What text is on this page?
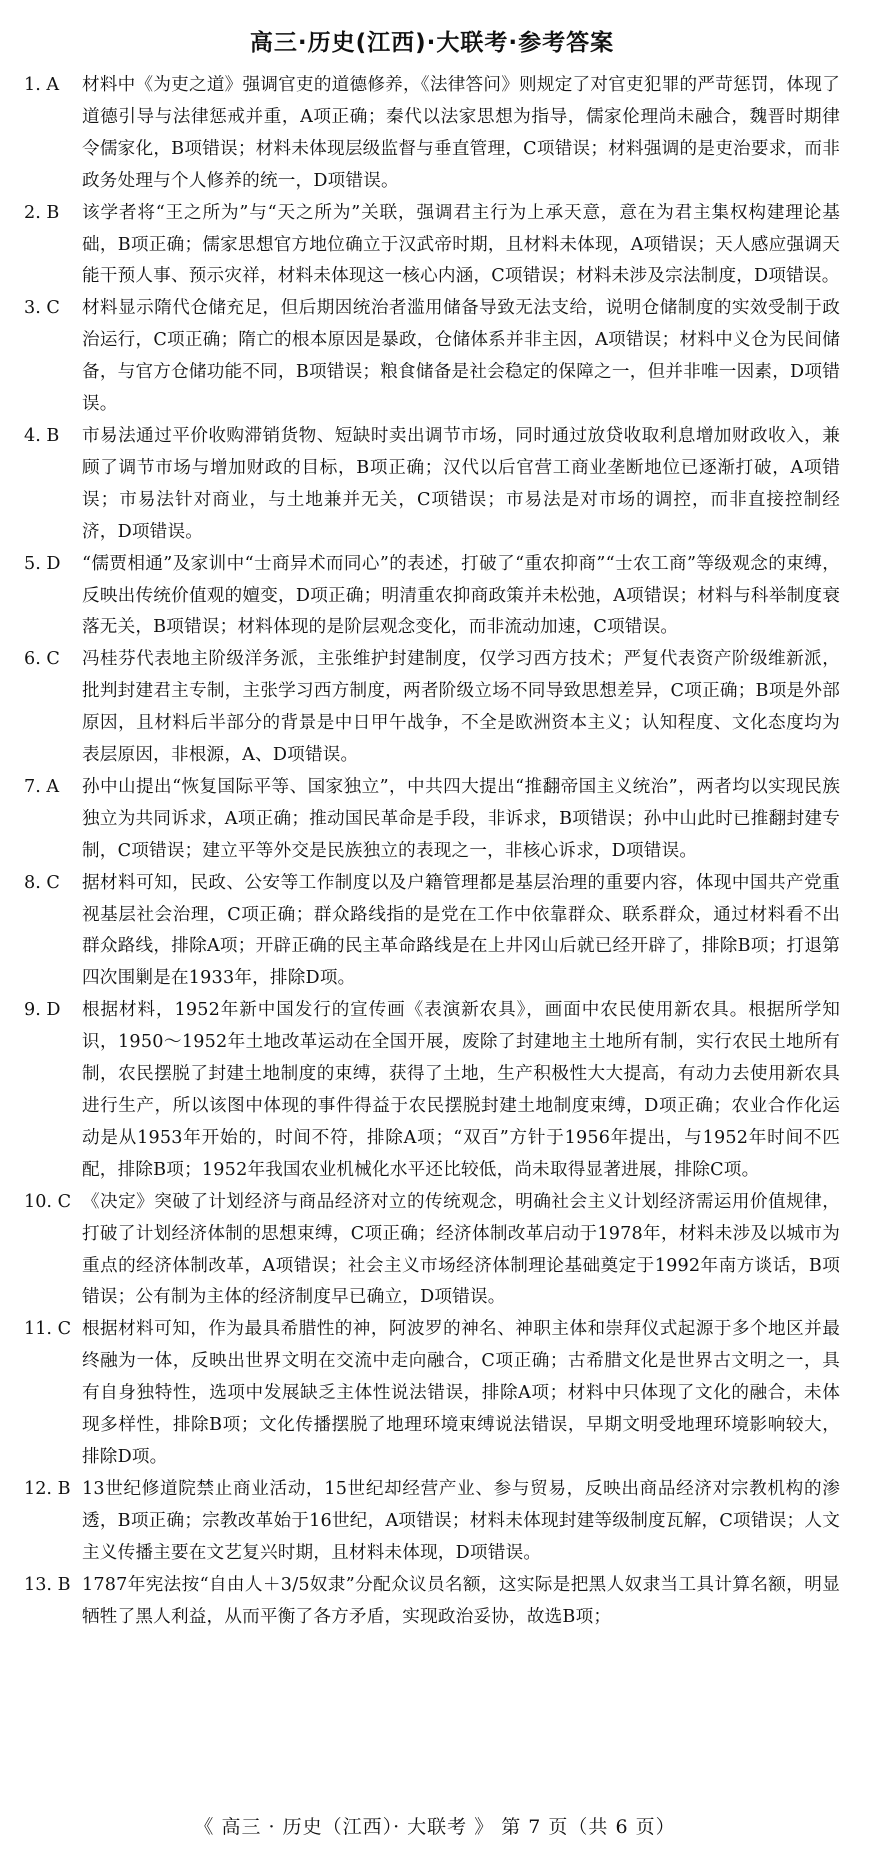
高三·历史(江西)·大联考·参考答案
1. A	材料中《为吏之道》强调官吏的道德修养，《法律答问》则规定了对官吏犯罪的严苛惩罚，体现了道德引导与法律惩戒并重，A项正确；秦代以法家思想为指导，儒家伦理尚未融合，魏晋时期律令儒家化，B项错误；材料未体现层级监督与垂直管理，C项错误；材料强调的是吏治要求，而非政务处理与个人修养的统一，D项错误。
2. B	该学者将“王之所为”与“天之所为”关联，强调君主行为上承天意，意在为君主集权构建理论基础，B项正确；儒家思想官方地位确立于汉武帝时期，且材料未体现，A项错误；天人感应强调天能干预人事、预示灾祥，材料未体现这一核心内涵，C项错误；材料未涉及宗法制度，D项错误。
3. C	材料显示隋代仓储充足，但后期因统治者滥用储备导致无法支给，说明仓储制度的实效受制于政治运行，C项正确；隋亡的根本原因是暴政，仓储体系并非主因，A项错误；材料中义仓为民间储备，与官方仓储功能不同，B项错误；粮食储备是社会稳定的保障之一，但并非唯一因素，D项错误。
4. B	市易法通过平价收购滞销货物、短缺时卖出调节市场，同时通过放贷收取利息增加财政收入，兼顾了调节市场与增加财政的目标，B项正确；汉代以后官营工商业垄断地位已逐渐打破，A项错误；市易法针对商业，与土地兼并无关，C项错误；市易法是对市场的调控，而非直接控制经济，D项错误。
5. D	“儒贾相通”及家训中“士商异术而同心”的表述，打破了“重农抑商”“士农工商”等级观念的束缚，反映出传统价值观的嬗变，D项正确；明清重农抑商政策并未松弛，A项错误；材料与科举制度衰落无关，B项错误；材料体现的是阶层观念变化，而非流动加速，C项错误。
6. C	冯桂芬代表地主阶级洋务派，主张维护封建制度，仅学习西方技术；严复代表资产阶级维新派，批判封建君主专制，主张学习西方制度，两者阶级立场不同导致思想差异，C项正确；B项是外部原因，且材料后半部分的背景是中日甲午战争，不全是欧洲资本主义；认知程度、文化态度均为表层原因，非根源，A、D项错误。
7. A	孙中山提出“恢复国际平等、国家独立”，中共四大提出“推翻帝国主义统治”，两者均以实现民族独立为共同诉求，A项正确；推动国民革命是手段，非诉求，B项错误；孙中山此时已推翻封建专制，C项错误；建立平等外交是民族独立的表现之一，非核心诉求，D项错误。
8. C	据材料可知，民政、公安等工作制度以及户籍管理都是基层治理的重要内容，体现中国共产党重视基层社会治理，C项正确；群众路线指的是党在工作中依靠群众、联系群众，通过材料看不出群众路线，排除A项；开辟正确的民主革命路线是在上井冈山后就已经开辟了，排除B项；打退第四次围剿是在1933年，排除D项。
9. D	根据材料，1952年新中国发行的宣传画《表演新农具》，画面中农民使用新农具。根据所学知识，1950～1952年土地改革运动在全国开展，废除了封建地主土地所有制，实行农民土地所有制，农民摆脱了封建土地制度的束缚，获得了土地，生产积极性大大提高，有动力去使用新农具进行生产，所以该图中体现的事件得益于农民摆脱封建土地制度束缚，D项正确；农业合作化运动是从1953年开始的，时间不符，排除A项；“双百”方针于1956年提出，与1952年时间不匹配，排除B项；1952年我国农业机械化水平还比较低，尚未取得显著进展，排除C项。
10. C 《决定》突破了计划经济与商品经济对立的传统观念，明确社会主义计划经济需运用价值规律，打破了计划经济体制的思想束缚，C项正确；经济体制改革启动于1978年，材料未涉及以城市为重点的经济体制改革，A项错误；社会主义市场经济体制理论基础奠定于1992年南方谈话，B项错误；公有制为主体的经济制度早已确立，D项错误。
11. C 根据材料可知，作为最具希腊性的神，阿波罗的神名、神职主体和崇拜仪式起源于多个地区并最终融为一体，反映出世界文明在交流中走向融合，C项正确；古希腊文化是世界古文明之一，具有自身独特性，选项中发展缺乏主体性说法错误，排除A项；材料中只体现了文化的融合，未体现多样性，排除B项；文化传播摆脱了地理环境束缚说法错误，早期文明受地理环境影响较大，排除D项。
12. B 13世纪修道院禁止商业活动，15世纪却经营产业、参与贸易，反映出商品经济对宗教机构的渗透，B项正确；宗教改革始于16世纪，A项错误；材料未体现封建等级制度瓦解，C项错误；人文主义传播主要在文艺复兴时期，且材料未体现，D项错误。
13. B 1787年宪法按“自由人＋3/5奴隶”分配众议员名额，这实际是把黑人奴隶当工具计算名额，明显牺牲了黑人利益，从而平衡了各方矛盾，实现政治妥协，故选B项；
《 高三 · 历史（江西）· 大联考 》 第 7 页（共 6 页）
